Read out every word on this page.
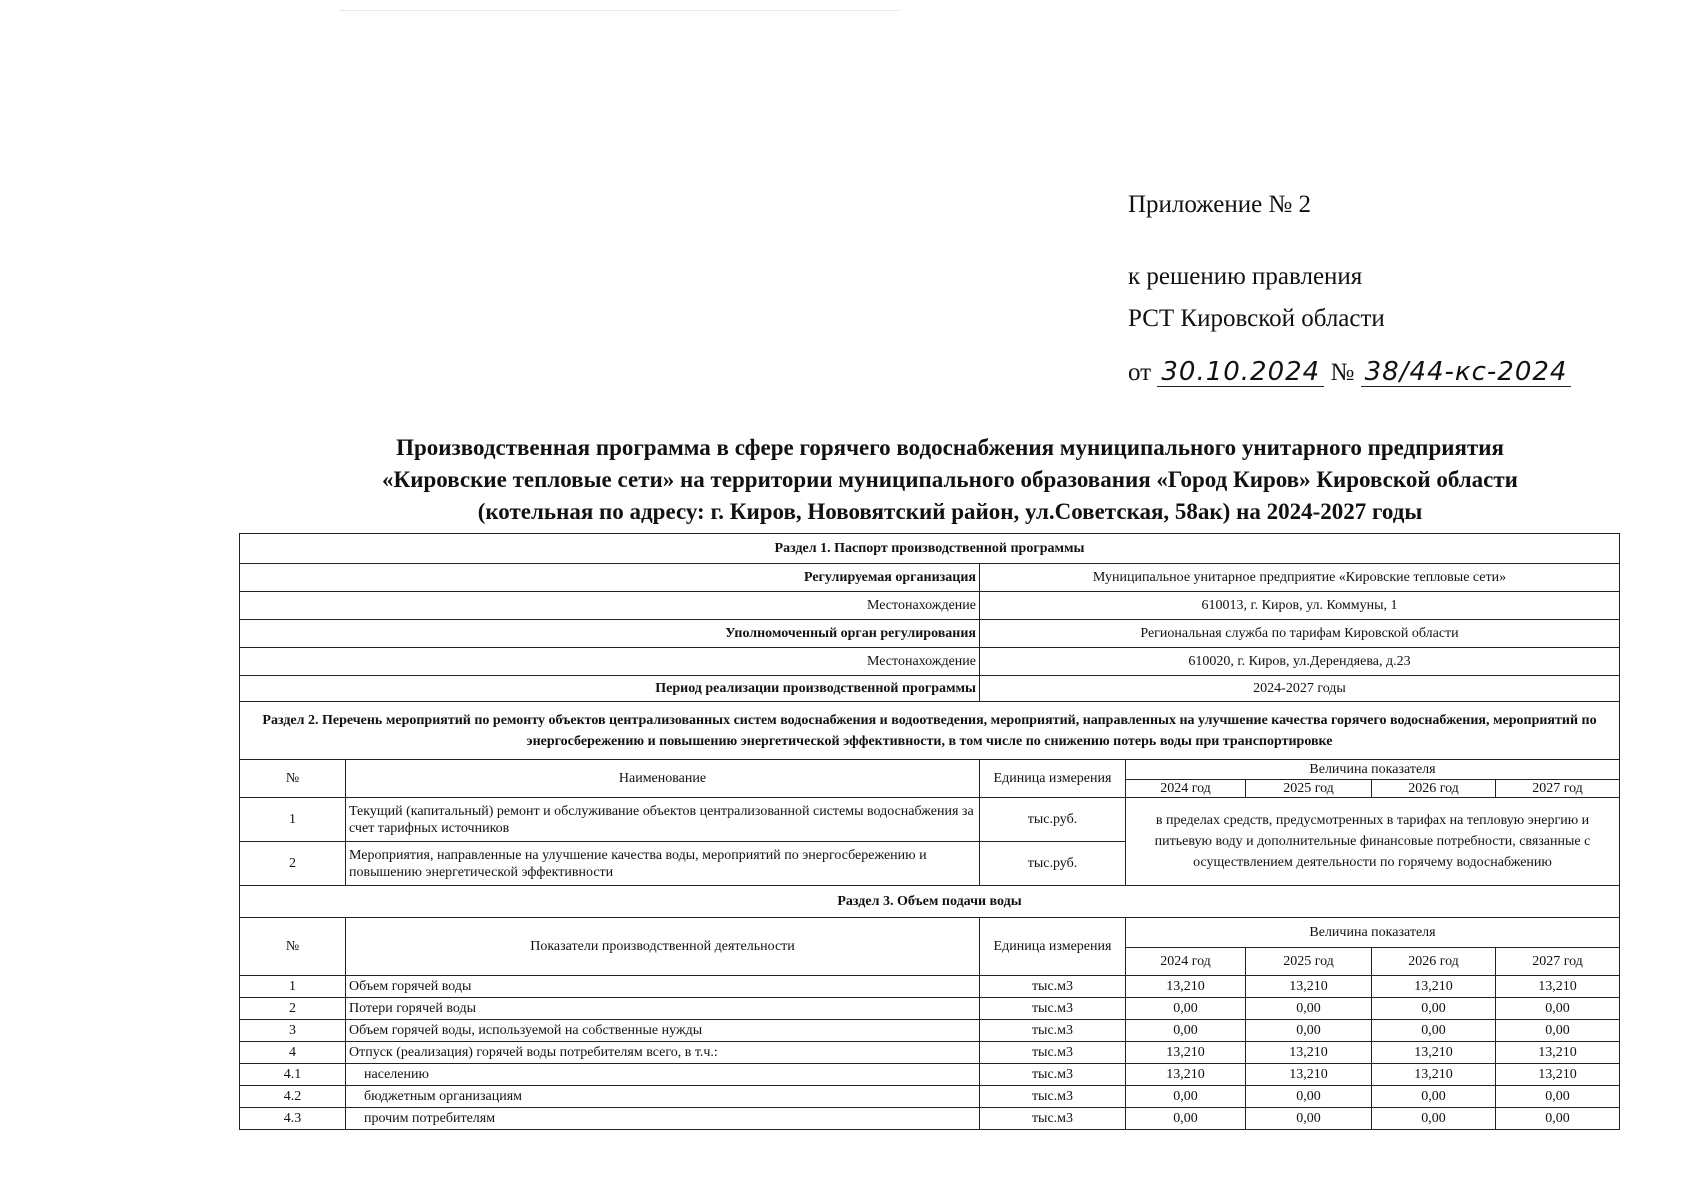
Приложение № 2
к решению правления
РСТ Кировской области
от 30.10.2024 № 38/44-кс-2024
Производственная программа в сфере горячего водоснабжения муниципального унитарного предприятия
«Кировские тепловые сети» на территории муниципального образования «Город Киров» Кировской области
(котельная по адресу: г. Киров, Нововятский район, ул.Советская, 58ак) на 2024-2027 годы
Раздел 1. Паспорт производственной программы						
Регулируемая организация		Муниципальное унитарное предприятие «Кировские тепловые сети»				
Местонахождение		610013, г. Киров, ул. Коммуны, 1				
Уполномоченный орган регулирования		Региональная служба по тарифам Кировской области				
Местонахождение		610020, г. Киров, ул.Дерендяева, д.23				
Период реализации производственной программы		2024-2027 годы				
Раздел 2. Перечень мероприятий по ремонту объектов централизованных систем водоснабжения и водоотведения, мероприятий, направленных на улучшение качества горячего водоснабжения, мероприятий по энергосбережению и повышению энергетической эффективности, в том числе по снижению потерь воды при транспортировке						
№	Наименование	Единица измерения	Величина показателя			
			2024 год	2025 год	2026 год	2027 год
1	Текущий (капитальный) ремонт и обслуживание объектов централизованной системы водоснабжения за счет тарифных источников	тыс.руб.	в пределах средств, предусмотренных в тарифах на тепловую энергию и питьевую воду и дополнительные финансовые потребности, связанные с осуществлением деятельности по горячему водоснабжению			
2	Мероприятия, направленные на улучшение качества воды, мероприятий по энергосбережению и повышению энергетической эффективности	тыс.руб.				
Раздел 3. Объем подачи воды						
№	Показатели производственной деятельности	Единица измерения	Величина показателя			
			2024 год	2025 год	2026 год	2027 год
1	Объем горячей воды	тыс.м3	13,210	13,210	13,210	13,210
2	Потери горячей воды	тыс.м3	0,00	0,00	0,00	0,00
3	Объем горячей воды, используемой на собственные нужды	тыс.м3	0,00	0,00	0,00	0,00
4	Отпуск (реализация) горячей воды потребителям всего, в т.ч.:	тыс.м3	13,210	13,210	13,210	13,210
4.1	населению	тыс.м3	13,210	13,210	13,210	13,210
4.2	бюджетным организациям	тыс.м3	0,00	0,00	0,00	0,00
4.3	прочим потребителям	тыс.м3	0,00	0,00	0,00	0,00
